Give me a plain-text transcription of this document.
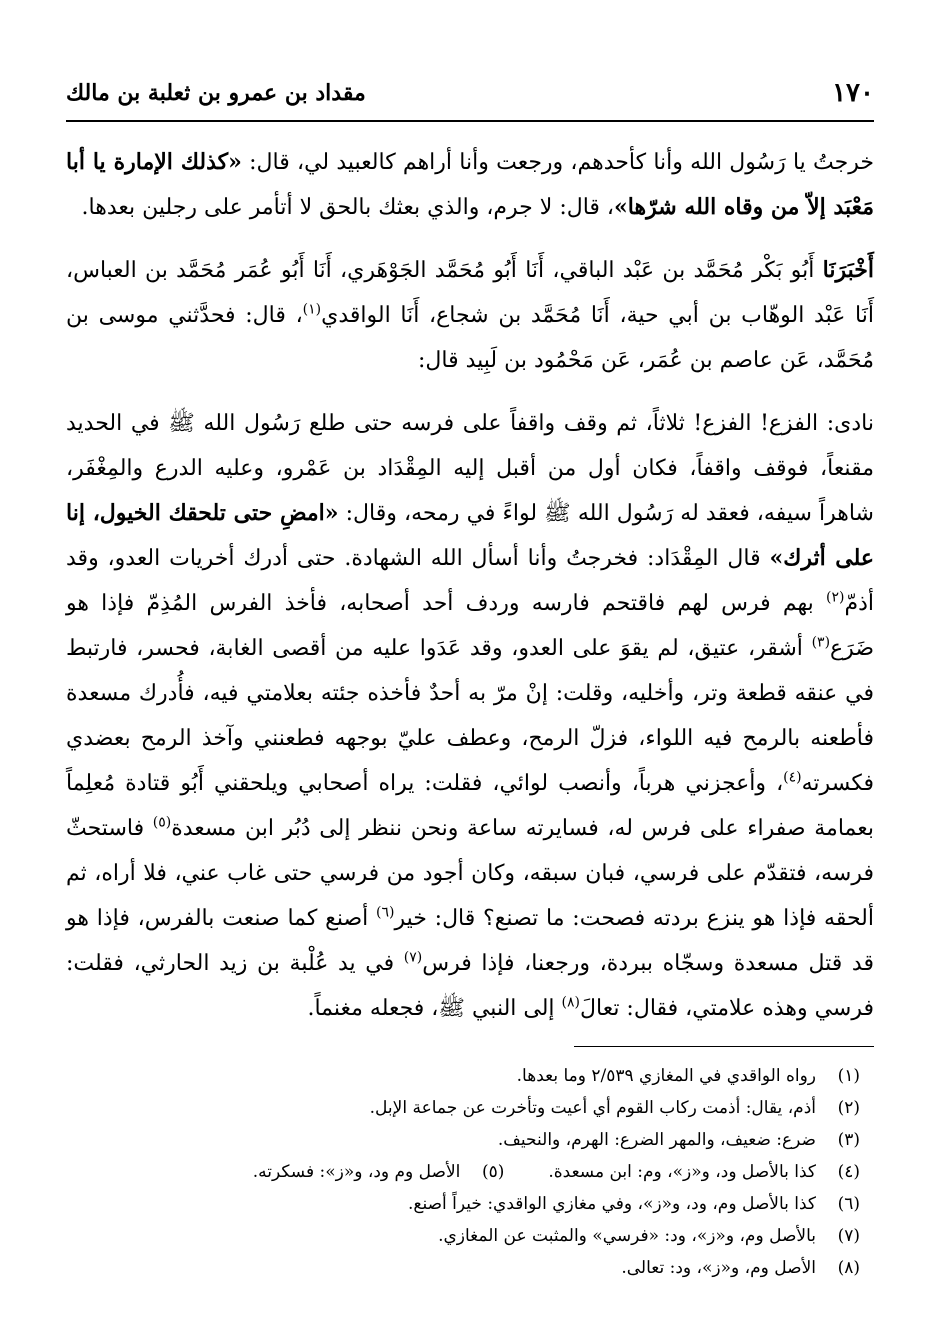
١٧٠
مقداد بن عمرو بن ثعلبة بن مالك

خرجتُ يا رَسُول الله وأنا كأحدهم، ورجعت وأنا أراهم كالعبيد لي، قال: «كذلك الإمارة يا أبا مَعْبَد إلاّ من وقاه الله شرّها»، قال: لا جرم، والذي بعثك بالحق لا أتأمر على رجلين بعدها.

أَخْبَرَنَا أَبُو بَكْر مُحَمَّد بن عَبْد الباقي، أَنَا أَبُو مُحَمَّد الجَوْهَري، أَنَا أَبُو عُمَر مُحَمَّد بن العباس، أَنَا عَبْد الوهّاب بن أبي حية، أَنَا مُحَمَّد بن شجاع، أَنَا الواقدي$^{(١)}$، قال: فحدَّثني موسى بن مُحَمَّد، عَن عاصم بن عُمَر، عَن مَحْمُود بن لَبِيد قال:

نادى: الفزع! الفزع! ثلاثاً، ثم وقف واقفاً على فرسه حتى طلع رَسُول الله ﷺ في الحديد مقنعاً، فوقف واقفاً، فكان أول من أقبل إليه المِقْدَاد بن عَمْرو، وعليه الدرع والمِغْفَر، شاهراً سيفه، فعقد له رَسُول الله ﷺ لواءً في رمحه، وقال: «امضِ حتى تلحقك الخيول، إنا على أثرك» قال المِقْدَاد: فخرجتُ وأنا أسأل الله الشهادة. حتى أدرك أخريات العدو، وقد أذمّ$^{(٢)}$ بهم فرس لهم فاقتحم فارسه وردف أحد أصحابه، فأخذ الفرس المُذِمّ فإذا هو ضَرَع$^{(٣)}$ أشقر، عتيق، لم يقوَ على العدو، وقد عَدَوا عليه من أقصى الغابة، فحسر، فارتبط في عنقه قطعة وتر، وأخليه، وقلت: إنْ مرّ به أحدٌ فأخذه جئته بعلامتي فيه، فأُدرك مسعدة فأطعنه بالرمح فيه اللواء، فزلّ الرمح، وعطف عليّ بوجهه فطعنني وآخذ الرمح بعضدي فكسرته$^{(٤)}$، وأعجزني هرباً، وأنصب لوائي، فقلت: يراه أصحابي ويلحقني أَبُو قتادة مُعلِماً بعمامة صفراء على فرس له، فسايرته ساعة ونحن ننظر إلى دُبُر ابن مسعدة$^{(٥)}$ فاستحثّ فرسه، فتقدّم على فرسي، فبان سبقه، وكان أجود من فرسي حتى غاب عني، فلا أراه، ثم ألحقه فإذا هو ينزع بردته فصحت: ما تصنع؟ قال: خير$^{(٦)}$ أصنع كما صنعت بالفرس، فإذا هو قد قتل مسعدة وسجّاه ببردة، ورجعنا، فإذا فرس$^{(٧)}$ في يد عُلْبة بن زيد الحارثي، فقلت: فرسي وهذه علامتي، فقال: تعالَ$^{(٨)}$ إلى النبي ﷺ، فجعله مغنماً.

(١)
رواه الواقدي في المغازي ٢/٥٣٩ وما بعدها.
(٢)
أذم، يقال: أذمت ركاب القوم أي أعيت وتأخرت عن جماعة الإبل.
(٣)
ضرع: ضعيف، والمهر الضرع: الهرم، والنحيف.
(٤)
كذا بالأصل ود، و«ز»، وم: ابن مسعدة.
(٥)
الأصل وم ود، و«ز»: فسكرته.
(٦)
كذا بالأصل وم، ود، و«ز»، وفي مغازي الواقدي: خيراً أصنع.
(٧)
بالأصل وم، و«ز»، ود: «فرسي» والمثبت عن المغازي.
(٨)
الأصل وم، و«ز»، ود: تعالى.
